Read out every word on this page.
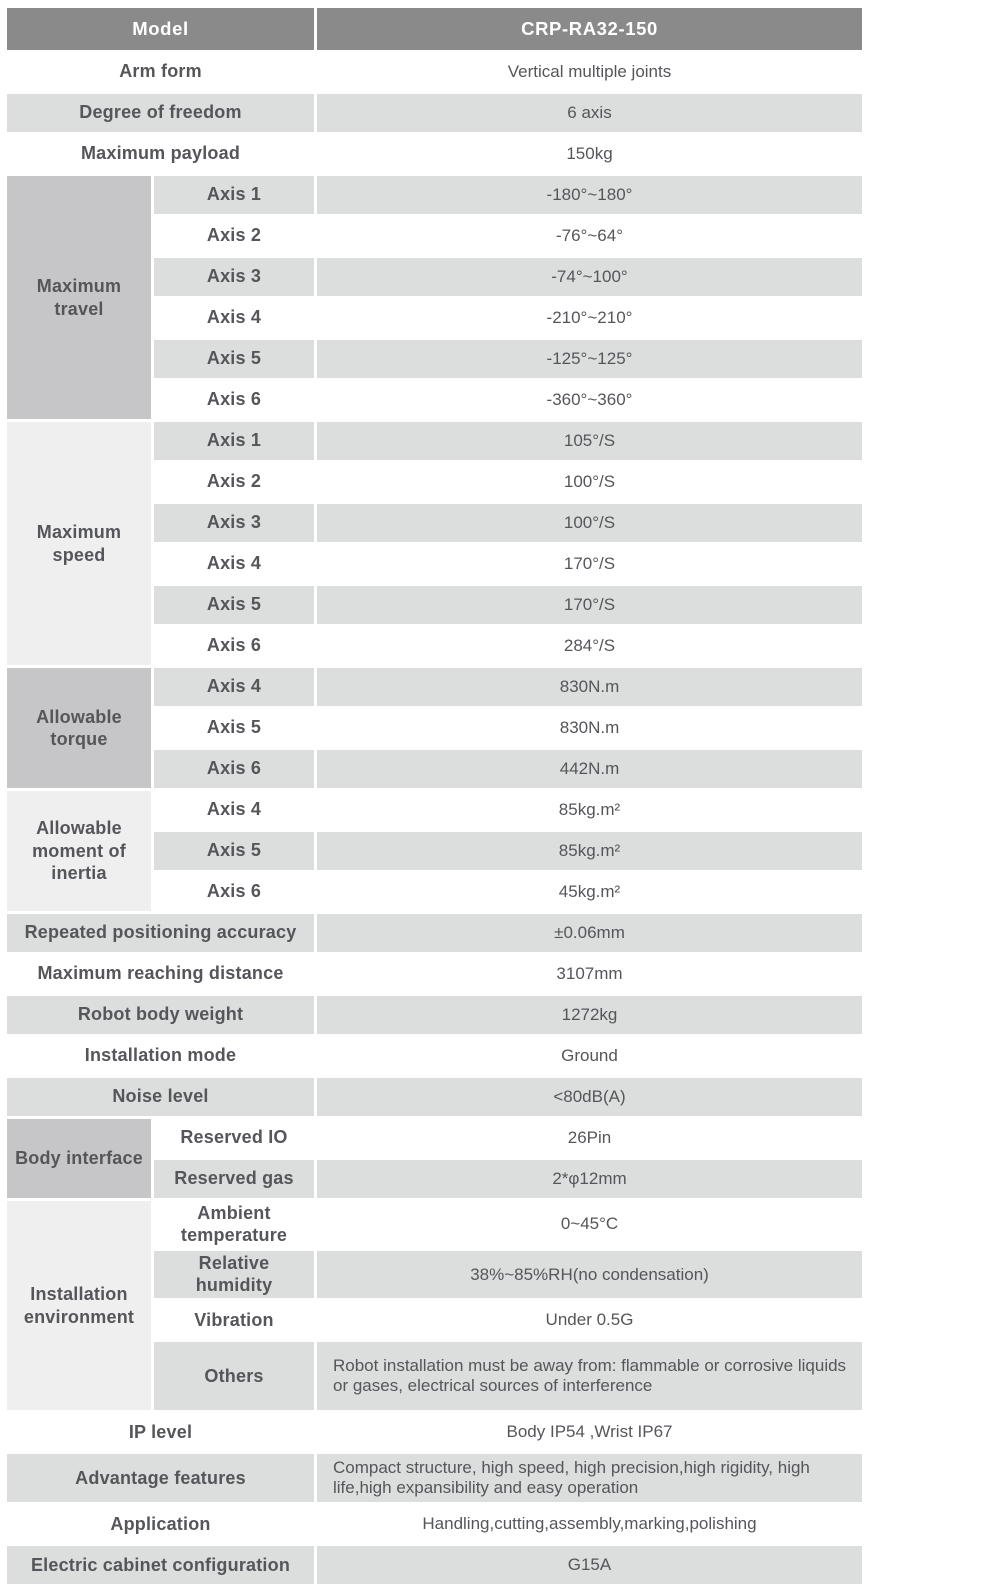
Model		CRP-RA32-150
Arm form		Vertical multiple joints
Degree of freedom		6 axis
Maximum payload		150kg
Maximum travel	Axis 1	-180°~180°
	Axis 2	-76°~64°
	Axis 3	-74°~100°
	Axis 4	-210°~210°
	Axis 5	-125°~125°
	Axis 6	-360°~360°
Maximum speed	Axis 1	105°/S
	Axis 2	100°/S
	Axis 3	100°/S
	Axis 4	170°/S
	Axis 5	170°/S
	Axis 6	284°/S
Allowable torque	Axis 4	830N.m
	Axis 5	830N.m
	Axis 6	442N.m
Allowable moment of inertia	Axis 4	85kg.m²
	Axis 5	85kg.m²
	Axis 6	45kg.m²
Repeated positioning accuracy		±0.06mm
Maximum reaching distance		3107mm
Robot body weight		1272kg
Installation mode		Ground
Noise level		<80dB(A)
Body interface	Reserved IO	26Pin
	Reserved gas	2*φ12mm
Installation environment	Ambient temperature	0~45°C
	Relative humidity	38%~85%RH(no condensation)
	Vibration	Under 0.5G
	Others	Robot installation must be away from: flammable or corrosive liquids or gases, electrical sources of interference
IP level		Body IP54 ,Wrist IP67
Advantage features		Compact structure, high speed, high precision,high rigidity, high life,high expansibility and easy operation
Application		Handling,cutting,assembly,marking,polishing
Electric cabinet configuration		G15A
